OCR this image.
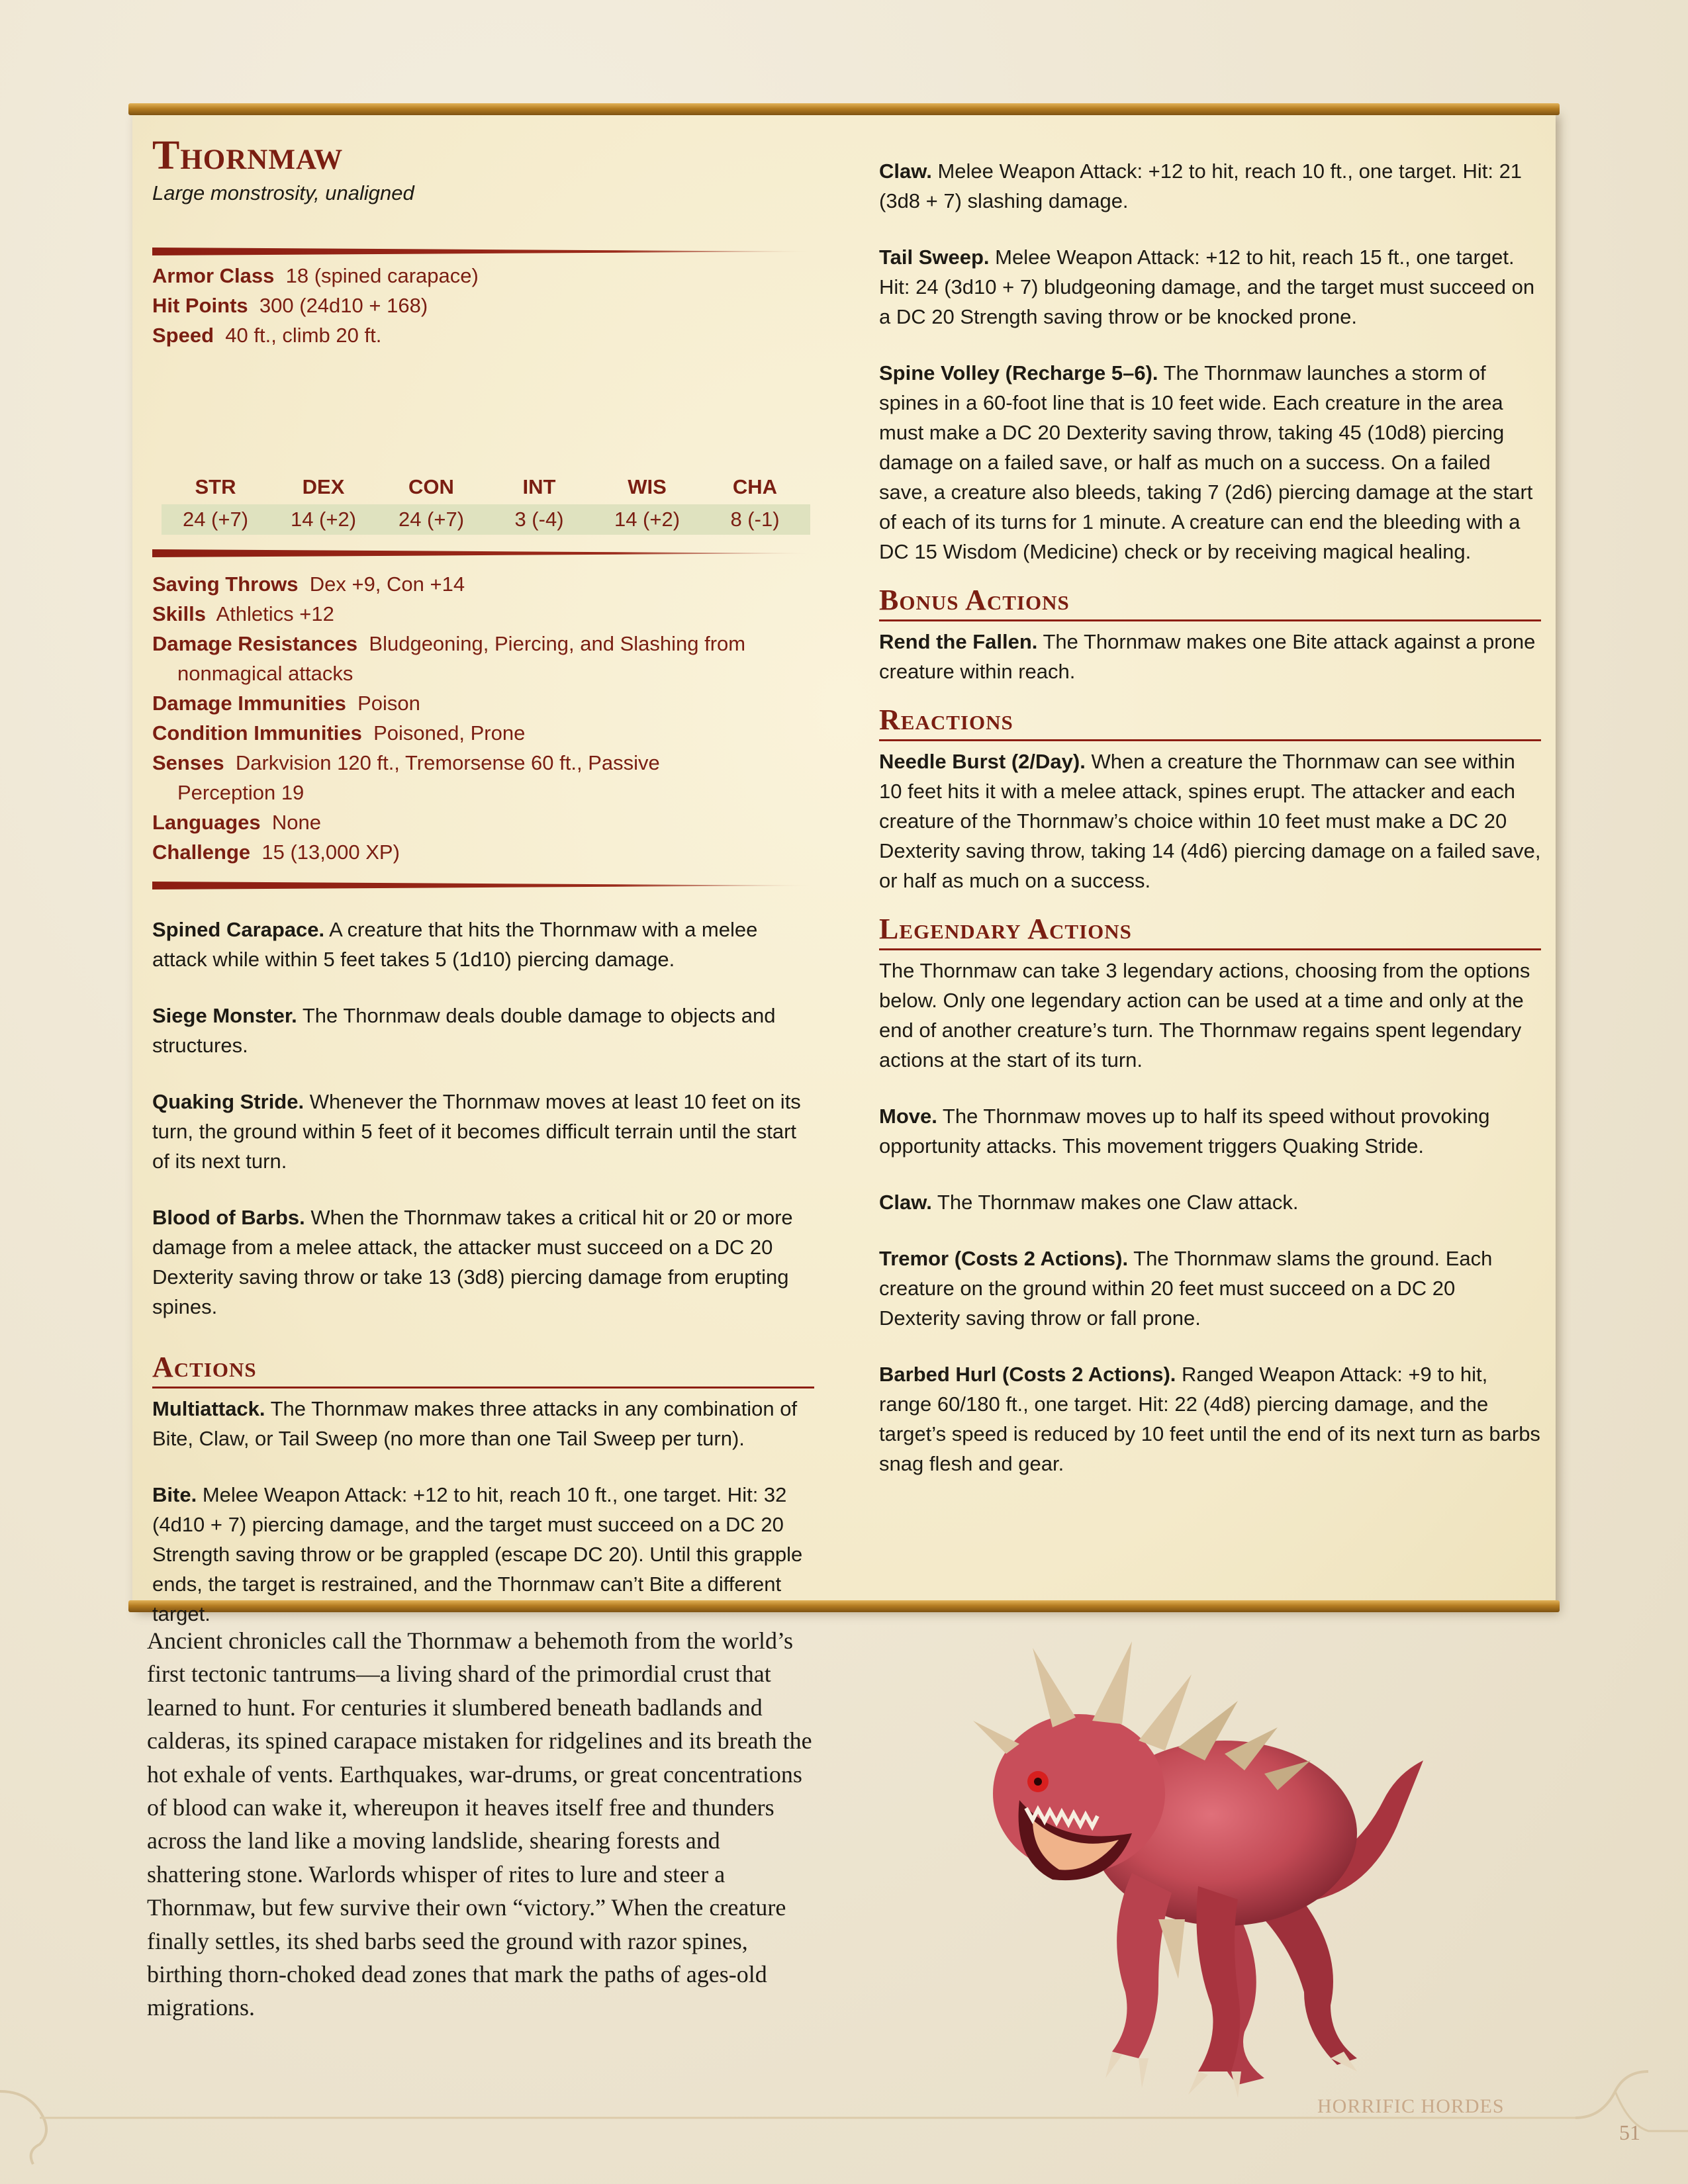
Thornmaw
Large monstrosity, unaligned
Armor Class 18 (spined carapace)
Hit Points 300 (24d10 + 168)
Speed 40 ft., climb 20 ft.
STR	DEX	CON	INT	WIS	CHA
24 (+7)	14 (+2)	24 (+7)	3 (-4)	14 (+2)	8 (-1)
Saving Throws Dex +9, Con +14
Skills Athletics +12
Damage Resistances Bludgeoning, Piercing, and Slashing from
nonmagical attacks
Damage Immunities Poison
Condition Immunities Poisoned, Prone
Senses Darkvision 120 ft., Tremorsense 60 ft., Passive
Perception 19
Languages None
Challenge 15 (13,000 XP)
Spined Carapace. A creature that hits the Thornmaw with a melee attack while within 5 feet takes 5 (1d10) piercing damage.
Siege Monster. The Thornmaw deals double damage to objects and structures.
Quaking Stride. Whenever the Thornmaw moves at least 10 feet on its turn, the ground within 5 feet of it becomes difficult terrain until the start of its next turn.
Blood of Barbs. When the Thornmaw takes a critical hit or 20 or more damage from a melee attack, the attacker must succeed on a DC 20 Dexterity saving throw or take 13 (3d8) piercing damage from erupting spines.
Actions
Multiattack. The Thornmaw makes three attacks in any combination of Bite, Claw, or Tail Sweep (no more than one Tail Sweep per turn).
Bite. Melee Weapon Attack: +12 to hit, reach 10 ft., one target. Hit: 32 (4d10 + 7) piercing damage, and the target must succeed on a DC 20 Strength saving throw or be grappled (escape DC 20). Until this grapple ends, the target is restrained, and the Thornmaw can’t Bite a different target.
Claw. Melee Weapon Attack: +12 to hit, reach 10 ft., one target. Hit: 21 (3d8 + 7) slashing damage.
Tail Sweep. Melee Weapon Attack: +12 to hit, reach 15 ft., one target. Hit: 24 (3d10 + 7) bludgeoning damage, and the target must succeed on a DC 20 Strength saving throw or be knocked prone.
Spine Volley (Recharge 5–6). The Thornmaw launches a storm of spines in a 60-foot line that is 10 feet wide. Each creature in the area must make a DC 20 Dexterity saving throw, taking 45 (10d8) piercing damage on a failed save, or half as much on a success. On a failed save, a creature also bleeds, taking 7 (2d6) piercing damage at the start of each of its turns for 1 minute. A creature can end the bleeding with a DC 15 Wisdom (Medicine) check or by receiving magical healing.
Bonus Actions
Rend the Fallen. The Thornmaw makes one Bite attack against a prone creature within reach.
Reactions
Needle Burst (2/Day). When a creature the Thornmaw can see within 10 feet hits it with a melee attack, spines erupt. The attacker and each creature of the Thornmaw’s choice within 10 feet must make a DC 20 Dexterity saving throw, taking 14 (4d6) piercing damage on a failed save, or half as much on a success.
Legendary Actions
The Thornmaw can take 3 legendary actions, choosing from the options below. Only one legendary action can be used at a time and only at the end of another creature’s turn. The Thornmaw regains spent legendary actions at the start of its turn.
Move. The Thornmaw moves up to half its speed without provoking opportunity attacks. This movement triggers Quaking Stride.
Claw. The Thornmaw makes one Claw attack.
Tremor (Costs 2 Actions). The Thornmaw slams the ground. Each creature on the ground within 20 feet must succeed on a DC 20 Dexterity saving throw or fall prone.
Barbed Hurl (Costs 2 Actions). Ranged Weapon Attack: +9 to hit, range 60/180 ft., one target. Hit: 22 (4d8) piercing damage, and the target’s speed is reduced by 10 feet until the end of its next turn as barbs snag flesh and gear.
Ancient chronicles call the Thornmaw a behemoth from the world’s first tectonic tantrums—a living shard of the primordial crust that learned to hunt. For centuries it slumbered beneath badlands and calderas, its spined carapace mistaken for ridgelines and its breath the hot exhale of vents. Earthquakes, war-drums, or great concentrations of blood can wake it, whereupon it heaves itself free and thunders across the land like a moving landslide, shearing forests and shattering stone. Warlords whisper of rites to lure and steer a Thornmaw, but few survive their own “victory.” When the creature finally settles, its shed barbs seed the ground with razor spines, birthing thorn-choked dead zones that mark the paths of ages-old migrations.
HORRIFIC HORDES
51
